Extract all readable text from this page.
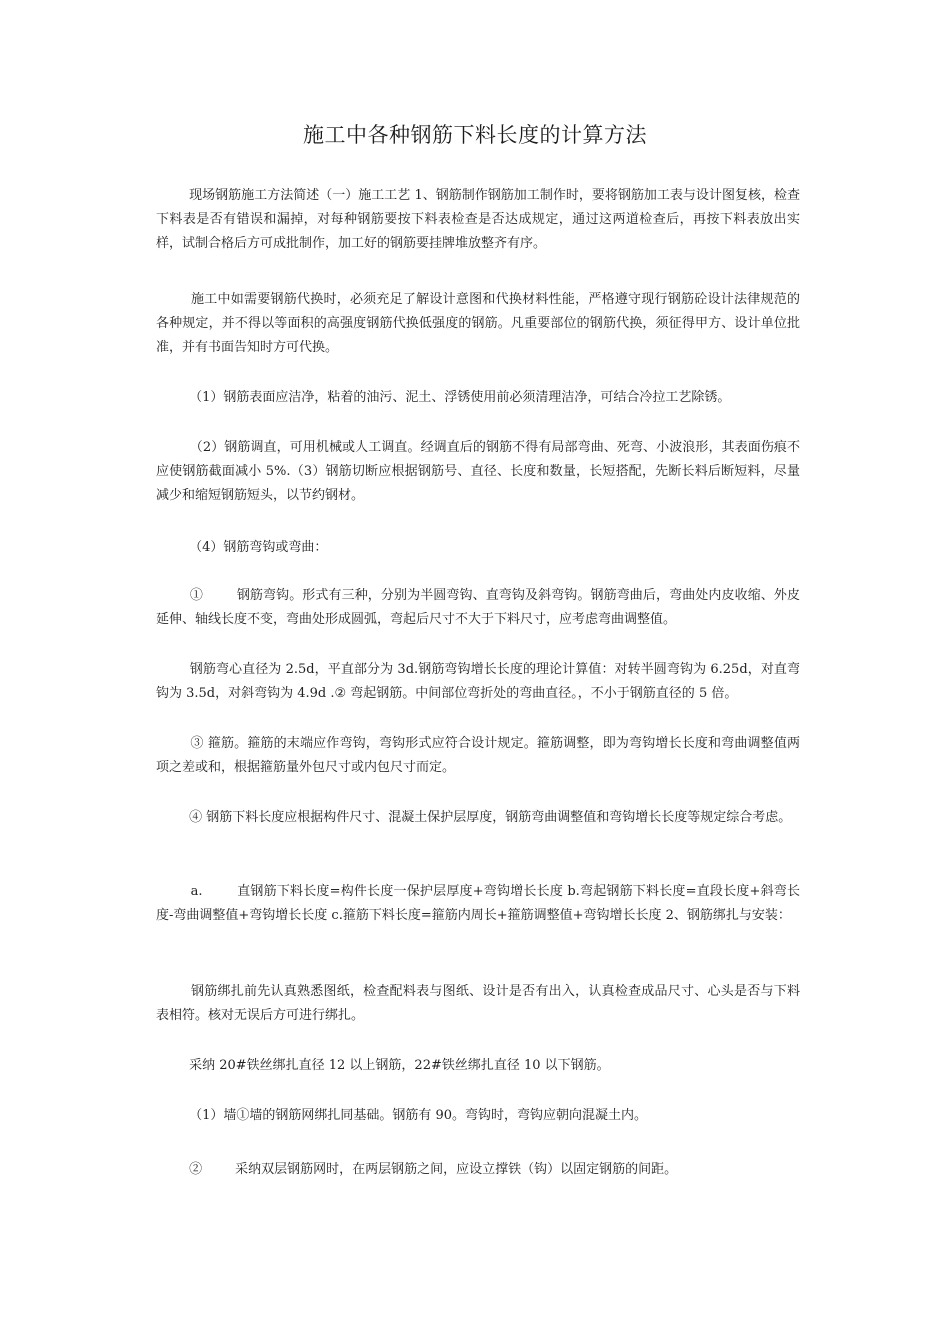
施工中各种钢筋下料长度的计算方法

现场钢筋施工方法简述（一）施工工艺 1、钢筋制作钢筋加工制作时，要将钢筋加工表与设计图复核，检查下料表是否有错误和漏掉，对每种钢筋要按下料表检查是否达成规定，通过这两道检查后，再按下料表放出实样，试制合格后方可成批制作，加工好的钢筋要挂牌堆放整齐有序。

施工中如需要钢筋代换时，必须充足了解设计意图和代换材料性能，严格遵守现行钢筋砼设计法律规范的各种规定，并不得以等面积的高强度钢筋代换低强度的钢筋。凡重要部位的钢筋代换，须征得甲方、设计单位批准，并有书面告知时方可代换。

（1）钢筋表面应洁净，粘着的油污、泥土、浮锈使用前必须清理洁净，可结合冷拉工艺除锈。

（2）钢筋调直，可用机械或人工调直。经调直后的钢筋不得有局部弯曲、死弯、小波浪形，其表面伤痕不应使钢筋截面减小 5%.（3）钢筋切断应根据钢筋号、直径、长度和数量，长短搭配，先断长料后断短料，尽量减少和缩短钢筋短头，以节约钢材。

（4）钢筋弯钩或弯曲：

①        钢筋弯钩。形式有三种，分别为半圆弯钩、直弯钩及斜弯钩。钢筋弯曲后，弯曲处内皮收缩、外皮延伸、轴线长度不变，弯曲处形成圆弧，弯起后尺寸不大于下料尺寸，应考虑弯曲调整值。

钢筋弯心直径为 2.5d，平直部分为 3d.钢筋弯钩增长长度的理论计算值：对转半圆弯钩为 6.25d，对直弯钩为 3.5d，对斜弯钩为 4.9d .② 弯起钢筋。中间部位弯折处的弯曲直径。，不小于钢筋直径的 5 倍。

③ 箍筋。箍筋的末端应作弯钩，弯钩形式应符合设计规定。箍筋调整，即为弯钩增长长度和弯曲调整值两项之差或和，根据箍筋量外包尺寸或内包尺寸而定。

④ 钢筋下料长度应根据构件尺寸、混凝土保护层厚度，钢筋弯曲调整值和弯钩增长长度等规定综合考虑。

a.        直钢筋下料长度=构件长度一保护层厚度+弯钩增长长度 b.弯起钢筋下料长度=直段长度+斜弯长度-弯曲调整值+弯钩增长长度 c.箍筋下料长度=箍筋内周长+箍筋调整值+弯钩增长长度 2、钢筋绑扎与安装：

钢筋绑扎前先认真熟悉图纸，检查配料表与图纸、设计是否有出入，认真检查成品尺寸、心头是否与下料表相符。核对无误后方可进行绑扎。

采纳 20#铁丝绑扎直径 12 以上钢筋，22#铁丝绑扎直径 10 以下钢筋。

（1）墙①墙的钢筋网绑扎同基础。钢筋有 90。弯钩时，弯钩应朝向混凝土内。

②        采纳双层钢筋网时，在两层钢筋之间，应设立撑铁（钩）以固定钢筋的间距。
